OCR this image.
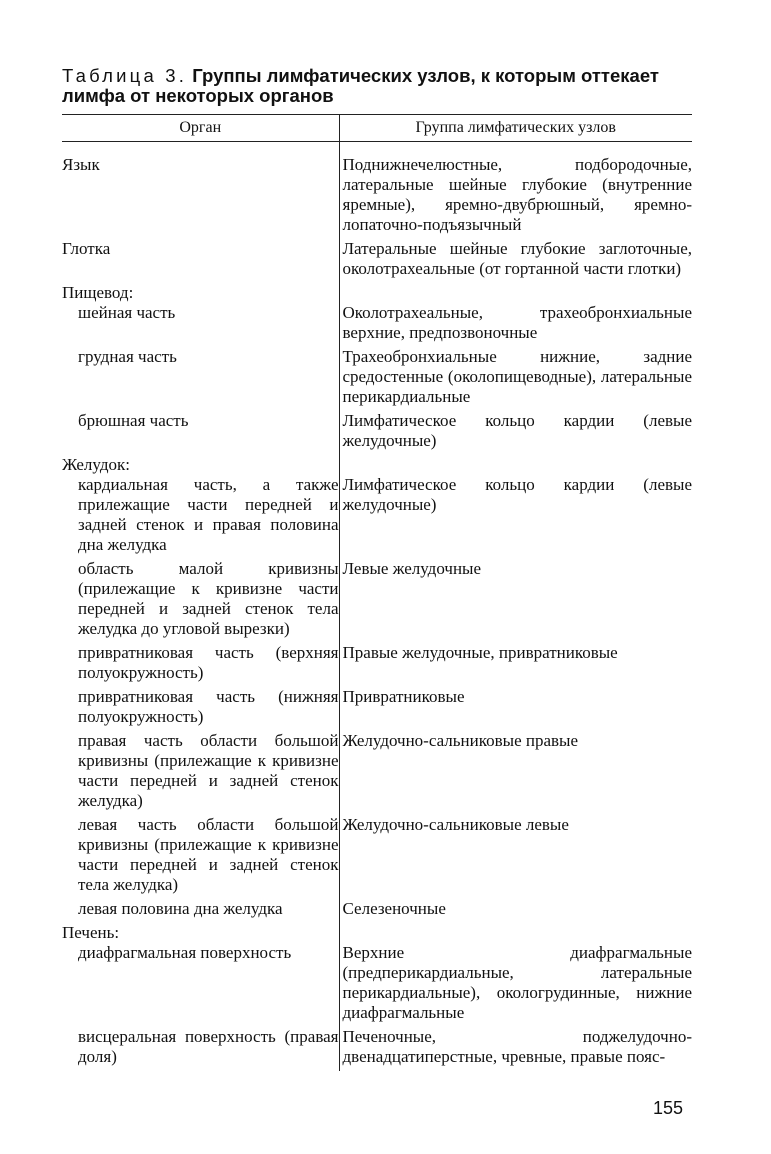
Таблица 3. Группы лимфатических узлов, к которым оттекает лимфа от некоторых органов
Орган	Группа лимфатических узлов
Язык	Поднижнечелюстные, подбородочные, латеральные шейные глубокие (внутренние яремные), яремно-двубрюшный, яремно-лопаточно-подъязычный
Глотка	Латеральные шейные глубокие заглоточные, околотрахеальные (от гортанной части глотки)
Пищевод:	
шейная часть	Околотрахеальные, трахеобронхиальные верхние, предпозвоночные
грудная часть	Трахеобронхиальные нижние, задние средостенные (околопищеводные), латеральные перикардиальные
брюшная часть	Лимфатическое кольцо кардии (левые желудочные)
Желудок:	
кардиальная часть, а также прилежащие части передней и задней стенок и правая половина дна желудка	Лимфатическое кольцо кардии (левые желудочные)
область малой кривизны (прилежащие к кривизне части передней и задней стенок тела желудка до угловой вырезки)	Левые желудочные
привратниковая часть (верхняя полуокружность)	Правые желудочные, привратниковые
привратниковая часть (нижняя полуокружность)	Привратниковые
правая часть области большой кривизны (прилежащие к кривизне части передней и задней стенок желудка)	Желудочно-сальниковые правые
левая часть области большой кривизны (прилежащие к кривизне части передней и задней стенок тела желудка)	Желудочно-сальниковые левые
левая половина дна желудка	Селезеночные
Печень:	
диафрагмальная поверхность	Верхние диафрагмальные (предперикардиальные, латеральные перикардиальные), окологрудинные, нижние диафрагмальные
висцеральная поверхность (правая доля)	Печеночные, поджелудочно-двенадцатиперстные, чревные, правые пояс-
155
